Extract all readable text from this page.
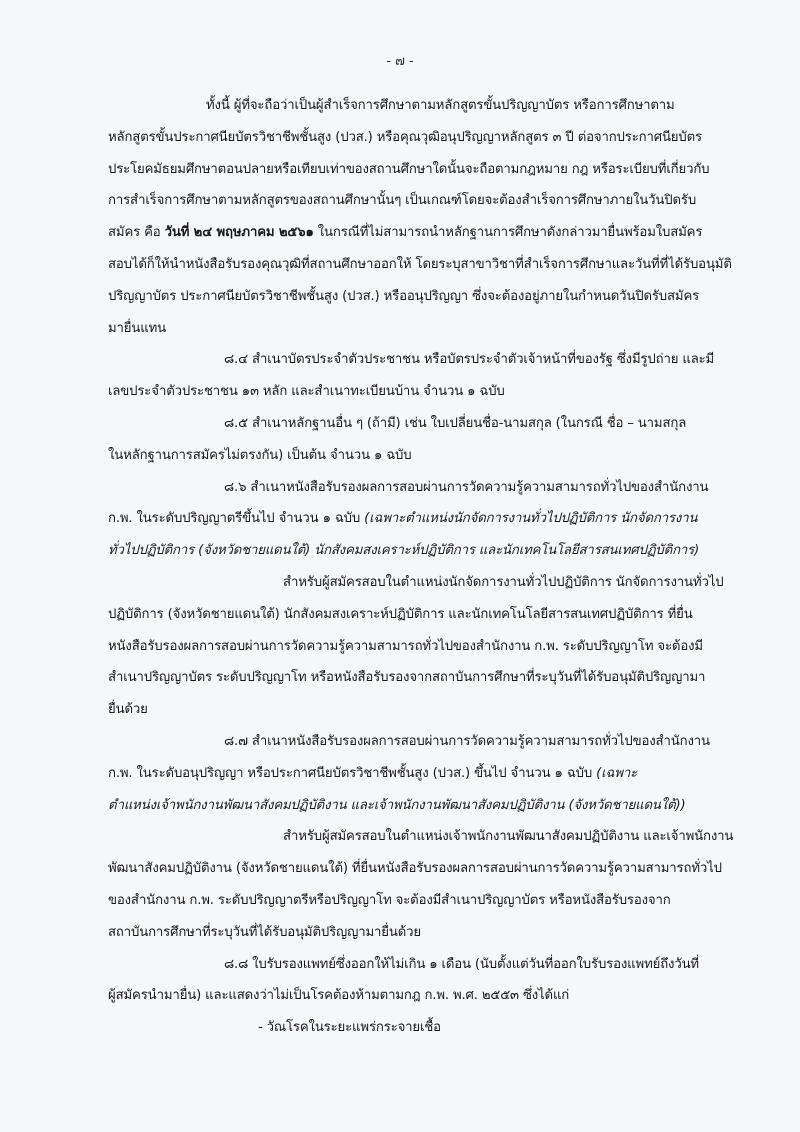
- ๗ -
ทั้งนี้ ผู้ที่จะถือว่าเป็นผู้สำเร็จการศึกษาตามหลักสูตรขั้นปริญญาบัตร หรือการศึกษาตาม
หลักสูตรขั้นประกาศนียบัตรวิชาชีพชั้นสูง (ปวส.) หรือคุณวุฒิอนุปริญญาหลักสูตร ๓ ปี ต่อจากประกาศนียบัตร
ประโยคมัธยมศึกษาตอนปลายหรือเทียบเท่าของสถานศึกษาใดนั้นจะถือตามกฎหมาย กฎ หรือระเบียบที่เกี่ยวกับ
การสำเร็จการศึกษาตามหลักสูตรของสถานศึกษานั้นๆ เป็นเกณฑ์โดยจะต้องสำเร็จการศึกษาภายในวันปิดรับ
สมัคร คือ วันที่ ๒๔ พฤษภาคม ๒๕๖๑ ในกรณีที่ไม่สามารถนำหลักฐานการศึกษาดังกล่าวมายื่นพร้อมใบสมัคร
สอบได้ก็ให้นำหนังสือรับรองคุณวุฒิที่สถานศึกษาออกให้ โดยระบุสาขาวิชาที่สำเร็จการศึกษาและวันที่ที่ได้รับอนุมัติ
ปริญญาบัตร ประกาศนียบัตรวิชาชีพชั้นสูง (ปวส.) หรืออนุปริญญา ซึ่งจะต้องอยู่ภายในกำหนดวันปิดรับสมัคร
มายื่นแทน
๘.๔ สำเนาบัตรประจำตัวประชาชน หรือบัตรประจำตัวเจ้าหน้าที่ของรัฐ ซึ่งมีรูปถ่าย และมี
เลขประจำตัวประชาชน ๑๓ หลัก และสำเนาทะเบียนบ้าน จำนวน ๑ ฉบับ
๘.๕ สำเนาหลักฐานอื่น ๆ (ถ้ามี) เช่น ใบเปลี่ยนชื่อ-นามสกุล (ในกรณี ชื่อ – นามสกุล
ในหลักฐานการสมัครไม่ตรงกัน) เป็นต้น จำนวน ๑ ฉบับ
๘.๖ สำเนาหนังสือรับรองผลการสอบผ่านการวัดความรู้ความสามารถทั่วไปของสำนักงาน
ก.พ. ในระดับปริญญาตรีขึ้นไป จำนวน ๑ ฉบับ (เฉพาะตำแหน่งนักจัดการงานทั่วไปปฏิบัติการ นักจัดการงาน
ทั่วไปปฏิบัติการ (จังหวัดชายแดนใต้) นักสังคมสงเคราะห์ปฏิบัติการ และนักเทคโนโลยีสารสนเทศปฏิบัติการ)
สำหรับผู้สมัครสอบในตำแหน่งนักจัดการงานทั่วไปปฏิบัติการ นักจัดการงานทั่วไป
ปฏิบัติการ (จังหวัดชายแดนใต้) นักสังคมสงเคราะห์ปฏิบัติการ และนักเทคโนโลยีสารสนเทศปฏิบัติการ ที่ยื่น
หนังสือรับรองผลการสอบผ่านการวัดความรู้ความสามารถทั่วไปของสำนักงาน ก.พ. ระดับปริญญาโท จะต้องมี
สำเนาปริญญาบัตร ระดับปริญญาโท หรือหนังสือรับรองจากสถาบันการศึกษาที่ระบุวันที่ได้รับอนุมัติปริญญามา
ยื่นด้วย
๘.๗ สำเนาหนังสือรับรองผลการสอบผ่านการวัดความรู้ความสามารถทั่วไปของสำนักงาน
ก.พ. ในระดับอนุปริญญา หรือประกาศนียบัตรวิชาชีพชั้นสูง (ปวส.) ขึ้นไป จำนวน ๑ ฉบับ (เฉพาะ
ตำแหน่งเจ้าพนักงานพัฒนาสังคมปฏิบัติงาน และเจ้าพนักงานพัฒนาสังคมปฏิบัติงาน (จังหวัดชายแดนใต้))
สำหรับผู้สมัครสอบในตำแหน่งเจ้าพนักงานพัฒนาสังคมปฏิบัติงาน และเจ้าพนักงาน
พัฒนาสังคมปฏิบัติงาน (จังหวัดชายแดนใต้) ที่ยื่นหนังสือรับรองผลการสอบผ่านการวัดความรู้ความสามารถทั่วไป
ของสำนักงาน ก.พ. ระดับปริญญาตรีหรือปริญญาโท จะต้องมีสำเนาปริญญาบัตร หรือหนังสือรับรองจาก
สถาบันการศึกษาที่ระบุวันที่ได้รับอนุมัติปริญญามายื่นด้วย
๘.๘ ใบรับรองแพทย์ซึ่งออกให้ไม่เกิน ๑ เดือน (นับตั้งแต่วันที่ออกใบรับรองแพทย์ถึงวันที่
ผู้สมัครนำมายื่น) และแสดงว่าไม่เป็นโรคต้องห้ามตามกฎ ก.พ. พ.ศ. ๒๕๕๓ ซึ่งได้แก่
- วัณโรคในระยะแพร่กระจายเชื้อ
